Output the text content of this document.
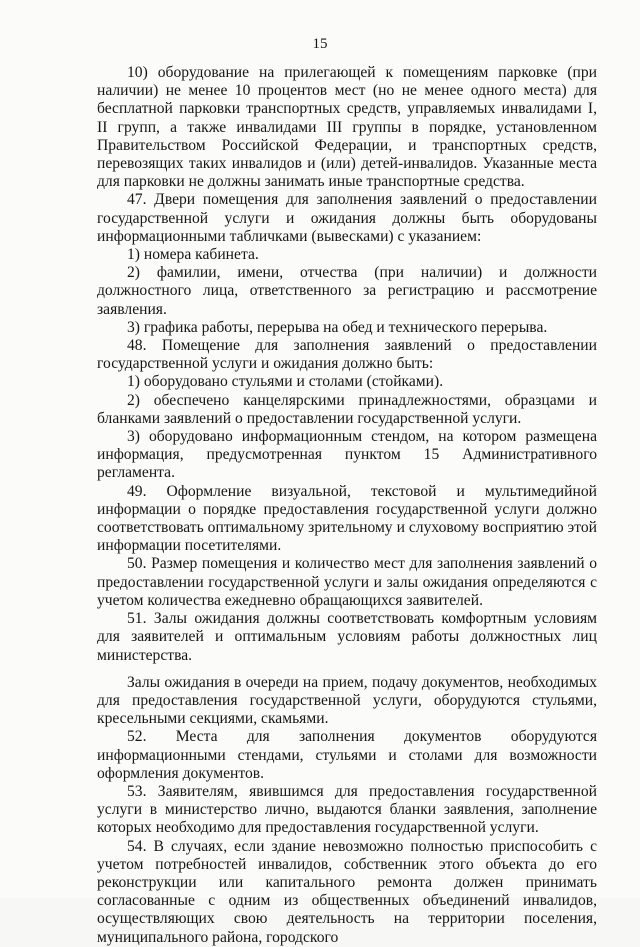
15

10) оборудование на прилегающей к помещениям парковке (при наличии) не менее 10 процентов мест (но не менее одного места) для бесплатной парковки транспортных средств, управляемых инвалидами I, II групп, а также инвалидами III группы в порядке, установленном Правительством Российской Федерации, и транспортных средств, перевозящих таких инвалидов и (или) детей-инвалидов. Указанные места для парковки не должны занимать иные транспортные средства.

47. Двери помещения для заполнения заявлений о предоставлении государственной услуги и ожидания должны быть оборудованы информационными табличками (вывесками) с указанием:

1) номера кабинета.

2) фамилии, имени, отчества (при наличии) и должности должностного лица, ответственного за регистрацию и рассмотрение заявления.

3) графика работы, перерыва на обед и технического перерыва.

48. Помещение для заполнения заявлений о предоставлении государственной услуги и ожидания должно быть:

1) оборудовано стульями и столами (стойками).

2) обеспечено канцелярскими принадлежностями, образцами и бланками заявлений о предоставлении государственной услуги.

3) оборудовано информационным стендом, на котором размещена информация, предусмотренная пунктом 15 Административного регламента.

49. Оформление визуальной, текстовой и мультимедийной информации о порядке предоставления государственной услуги должно соответствовать оптимальному зрительному и слуховому восприятию этой информации посетителями.

50. Размер помещения и количество мест для заполнения заявлений о предоставлении государственной услуги и залы ожидания определяются с учетом количества ежедневно обращающихся заявителей.

51. Залы ожидания должны соответствовать комфортным условиям для заявителей и оптимальным условиям работы должностных лиц министерства.

Залы ожидания в очереди на прием, подачу документов, необходимых для предоставления государственной услуги, оборудуются стульями, кресельными секциями, скамьями.

52. Места для заполнения документов оборудуются информационными стендами, стульями и столами для возможности оформления документов.

53. Заявителям, явившимся для предоставления государственной услуги в министерство лично, выдаются бланки заявления, заполнение которых необходимо для предоставления государственной услуги.

54. В случаях, если здание невозможно полностью приспособить с учетом потребностей инвалидов, собственник этого объекта до его реконструкции или капитального ремонта должен принимать согласованные с одним из общественных объединений инвалидов, осуществляющих свою деятельность на территории поселения, муниципального района, городского
